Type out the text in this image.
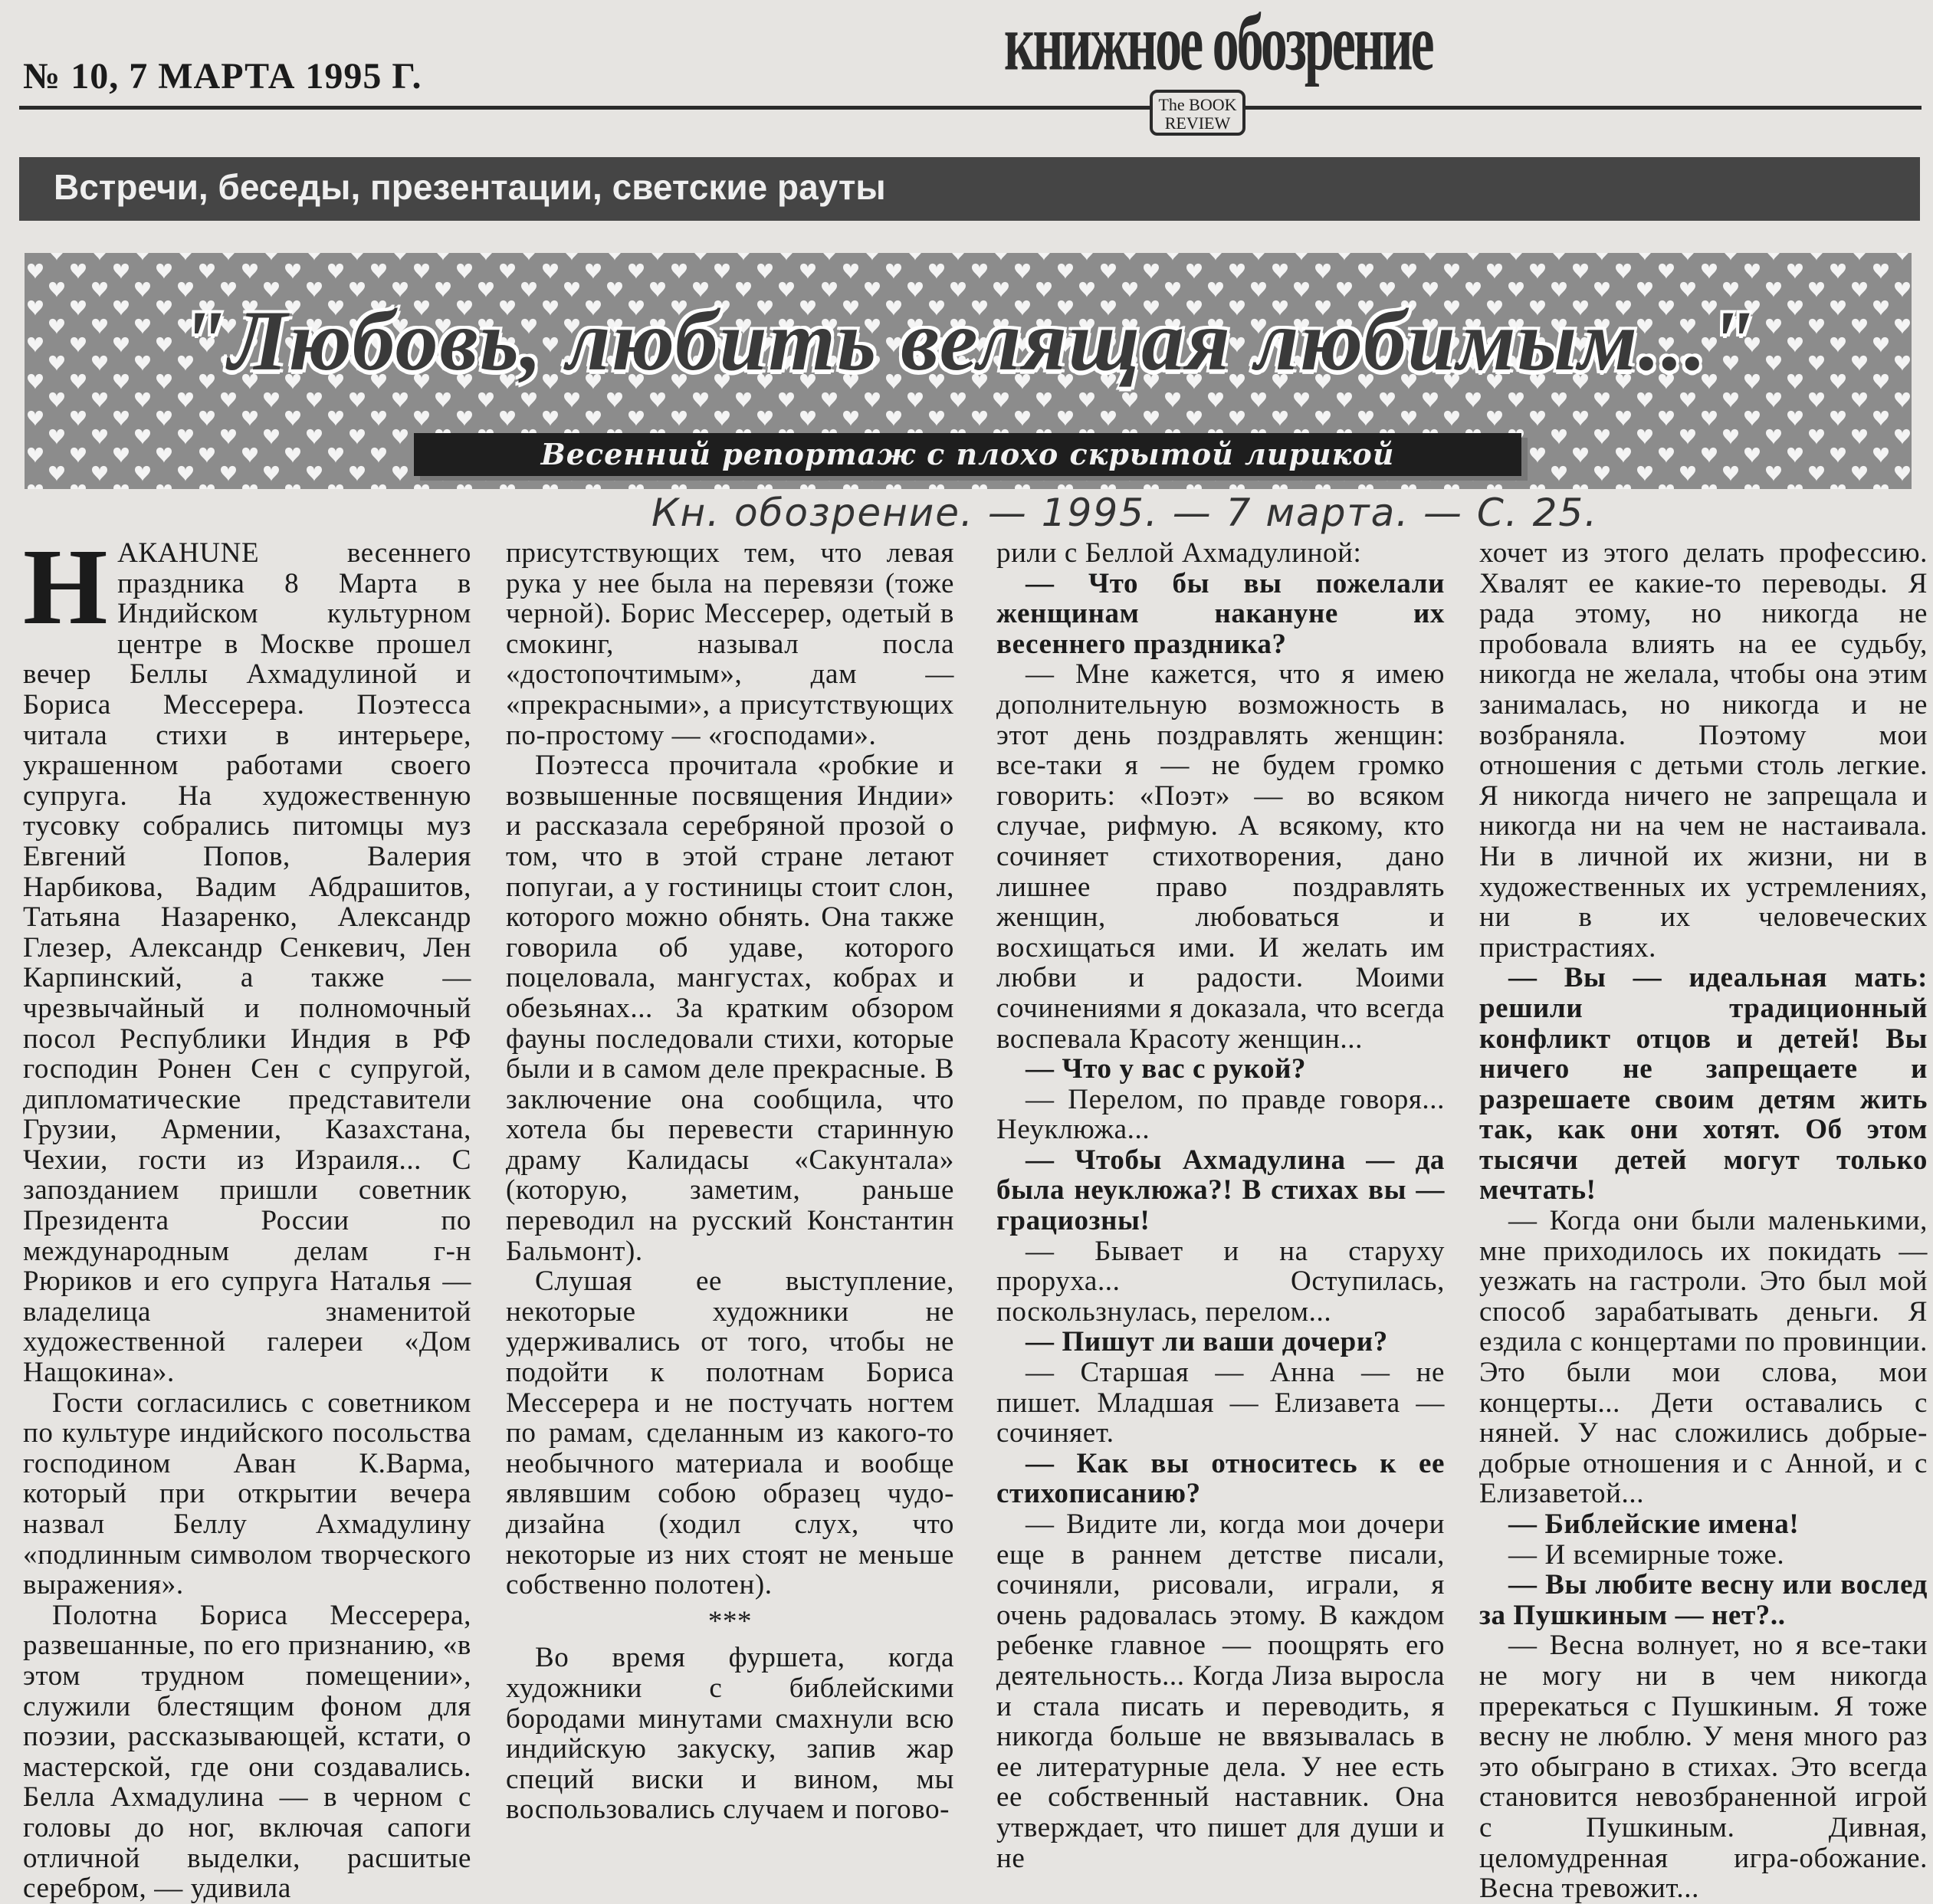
№ 10, 7 МАРТА 1995 Г.	книжное обозрение
The BOOK
REVIEW
Встречи, беседы, презентации, светские рауты
"Любовь, любить велящая любимым..."
Весенний репортаж с плохо скрытой лирикой
Кн. обозрение. — 1995. — 7 марта. — С. 25.

НАКАНUNE весеннего праздника 8 Марта в Индийском культурном центре в Москве прошел вечер Беллы Ахмадулиной и Бориса Мессерера. Поэтесса читала стихи в интерьере, украшенном работами своего супруга. На художественную тусовку собрались питомцы муз Евгений Попов, Валерия Нарбикова, Вадим Абдрашитов, Татьяна Назаренко, Александр Глезер, Александр Сенкевич, Лен Карпинский, а также — чрезвычайный и полномочный посол Республики Индия в РФ господин Ронен Сен с супругой, дипломатические представители Грузии, Армении, Казахстана, Чехии, гости из Израиля... С запозданием пришли советник Президента России по международным делам г-н Рюриков и его супруга Наталья — владелица знаменитой художественной галереи «Дом Нащокина».

Гости согласились с советником по культуре индийского посольства господином Аван К.Варма, который при открытии вечера назвал Беллу Ахмадулину «подлинным символом творческого выражения».

Полотна Бориса Мессерера, развешанные, по его признанию, «в этом трудном помещении», служили блестящим фоном для поэзии, рассказывающей, кстати, о мастерской, где они создавались. Белла Ахмадулина — в черном с головы до ног, включая сапоги отличной выделки, расшитые серебром, — удивила

присутствующих тем, что левая рука у нее была на перевязи (тоже черной). Борис Мессерер, одетый в смокинг, называл посла «достопочтимым», дам — «прекрасными», а присутствующих по-простому — «господами».

Поэтесса прочитала «робкие и возвышенные посвящения Индии» и рассказала серебряной прозой о том, что в этой стране летают попугаи, а у гостиницы стоит слон, которого можно обнять. Она также говорила об удаве, которого поцеловала, мангустах, кобрах и обезьянах... За кратким обзором фауны последовали стихи, которые были и в самом деле прекрасные. В заключение она сообщила, что хотела бы перевести старинную драму Калидасы «Сакунтала» (которую, заметим, раньше переводил на русский Константин Бальмонт).

Слушая ее выступление, некоторые художники не удерживались от того, чтобы не подойти к полотнам Бориса Мессерера и не постучать ногтем по рамам, сделанным из какого-то необычного материала и вообще являвшим собою образец чудо-дизайна (ходил слух, что некоторые из них стоят не меньше собственно полотен).

***

Во время фуршета, когда художники с библейскими бородами минутами смахнули всю индийскую закуску, запив жар специй виски и вином, мы воспользовались случаем и погово-

рили с Беллой Ахмадулиной:

— Что бы вы пожелали женщинам накануне их весеннего праздника?

— Мне кажется, что я имею дополнительную возможность в этот день поздравлять женщин: все-таки я — не будем громко говорить: «Поэт» — во всяком случае, рифмую. А всякому, кто сочиняет стихотворения, дано лишнее право поздравлять женщин, любоваться и восхищаться ими. И желать им любви и радости. Моими сочинениями я доказала, что всегда воспевала Красоту женщин...

— Что у вас с рукой?

— Перелом, по правде говоря... Неуклюжа...

— Чтобы Ахмадулина — да была неуклюжа?! В стихах вы — грациозны!

— Бывает и на старуху проруха... Оступилась, поскользнулась, перелом...

— Пишут ли ваши дочери?

— Старшая — Анна — не пишет. Младшая — Елизавета — сочиняет.

— Как вы относитесь к ее стихописанию?

— Видите ли, когда мои дочери еще в раннем детстве писали, сочиняли, рисовали, играли, я очень радовалась этому. В каждом ребенке главное — поощрять его деятельность... Когда Лиза выросла и стала писать и переводить, я никогда больше не ввязывалась в ее литературные дела. У нее есть ее собственный наставник. Она утверждает, что пишет для души и не

хочет из этого делать профессию. Хвалят ее какие-то переводы. Я рада этому, но никогда не пробовала влиять на ее судьбу, никогда не желала, чтобы она этим занималась, но никогда и не возбраняла. Поэтому мои отношения с детьми столь легкие. Я никогда ничего не запрещала и никогда ни на чем не настаивала. Ни в личной их жизни, ни в художественных их устремлениях, ни в их человеческих пристрастиях.

— Вы — идеальная мать: решили традиционный конфликт отцов и детей! Вы ничего не запрещаете и разрешаете своим детям жить так, как они хотят. Об этом тысячи детей могут только мечтать!

— Когда они были маленькими, мне приходилось их покидать — уезжать на гастроли. Это был мой способ зарабатывать деньги. Я ездила с концертами по провинции. Это были мои слова, мои концерты... Дети оставались с няней. У нас сложились добрые-добрые отношения и с Анной, и с Елизаветой...

— Библейские имена!

— И всемирные тоже.

— Вы любите весну или вослед за Пушкиным — нет?..

— Весна волнует, но я все-таки не могу ни в чем никогда пререкаться с Пушкиным. Я тоже весну не люблю. У меня много раз это обыграно в стихах. Это всегда становится невозбраненной игрой с Пушкиным. Дивная, целомудренная игра-обожание. Весна тревожит...
